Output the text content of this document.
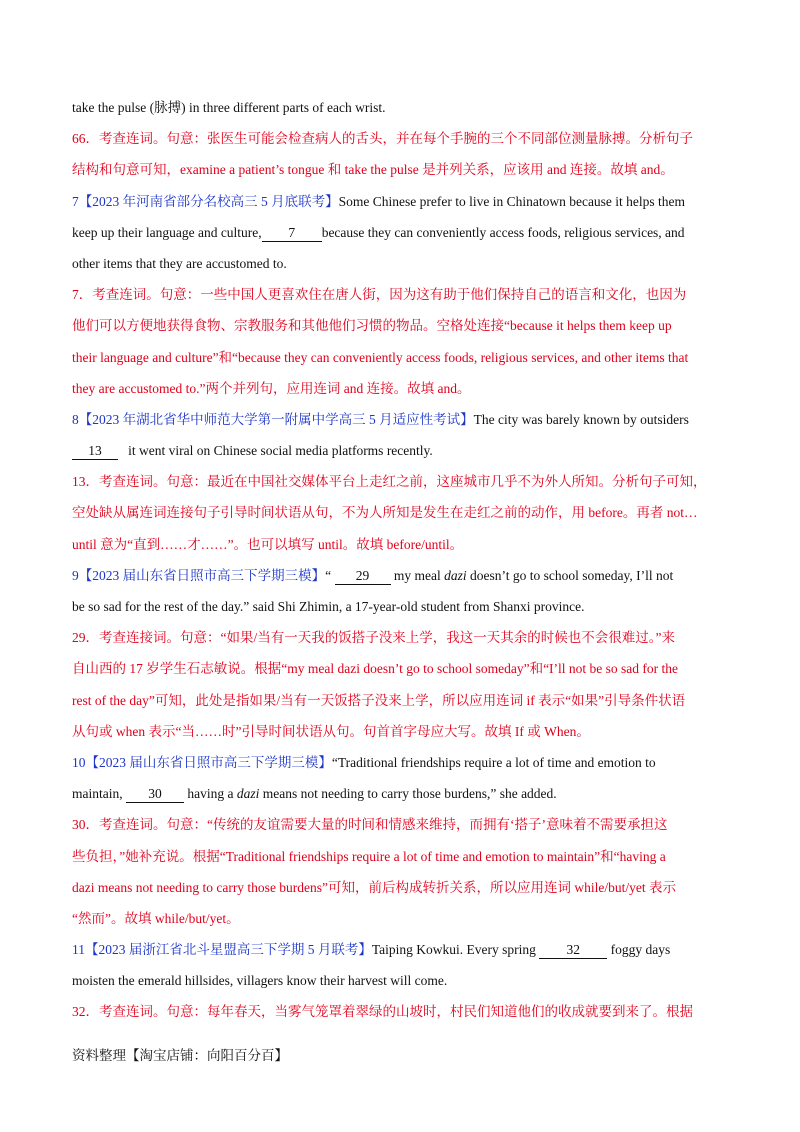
take the pulse (脉搏) in three different parts of each wrist.
66．考查连词。句意：张医生可能会检查病人的舌头，并在每个手腕的三个不同部位测量脉搏。分析句子
结构和句意可知，examine a patient’s tongue 和 take the pulse 是并列关系，应该用 and 连接。故填 and。
7【2023 年河南省部分名校高三 5 月底联考】Some Chinese prefer to live in Chinatown because it helps them
keep up their language and culture, 7 because they can conveniently access foods, religious services, and
other items that they are accustomed to.
7．考查连词。句意：一些中国人更喜欢住在唐人街，因为这有助于他们保持自己的语言和文化，也因为
他们可以方便地获得食物、宗教服务和其他他们习惯的物品。空格处连接“because it helps them keep up
their language and culture”和“because they can conveniently access foods, religious services, and other items that
they are accustomed to.”两个并列句，应用连词 and 连接。故填 and。
8【2023 年湖北省华中师范大学第一附属中学高三 5 月适应性考试】The city was barely known by outsiders
13 it went viral on Chinese social media platforms recently.
13．考查连词。句意：最近在中国社交媒体平台上走红之前，这座城市几乎不为外人所知。分析句子可知，
空处缺从属连词连接句子引导时间状语从句，不为人所知是发生在走红之前的动作，用 before。再者 not…
until 意为“直到……才……”。也可以填写 until。故填 before/until。
9【2023 届山东省日照市高三下学期三模】“ 29 my meal dazi doesn’t go to school someday, I’ll not
be so sad for the rest of the day.” said Shi Zhimin, a 17-year-old student from Shanxi province.
29．考查连接词。句意：“如果/当有一天我的饭搭子没来上学，我这一天其余的时候也不会很难过。”来
自山西的 17 岁学生石志敏说。根据“my meal dazi doesn’t go to school someday”和“I’ll not be so sad for the
rest of the day”可知，此处是指如果/当有一天饭搭子没来上学，所以应用连词 if 表示“如果”引导条件状语
从句或 when 表示“当……时”引导时间状语从句。句首首字母应大写。故填 If 或 When。
10【2023 届山东省日照市高三下学期三模】“Traditional friendships require a lot of time and emotion to
maintain, 30 having a dazi means not needing to carry those burdens,” she added.
30．考查连词。句意：“传统的友谊需要大量的时间和情感来维持，而拥有‘搭子’意味着不需要承担这
些负担，”她补充说。根据“Traditional friendships require a lot of time and emotion to maintain”和“having a
dazi means not needing to carry those burdens”可知，前后构成转折关系，所以应用连词 while/but/yet 表示
“然而”。故填 while/but/yet。
11【2023 届浙江省北斗星盟高三下学期 5 月联考】Taiping Kowkui. Every spring 32 foggy days
moisten the emerald hillsides, villagers know their harvest will come.
32．考查连词。句意：每年春天，当雾气笼罩着翠绿的山坡时，村民们知道他们的收成就要到来了。根据
资料整理【淘宝店铺：向阳百分百】
